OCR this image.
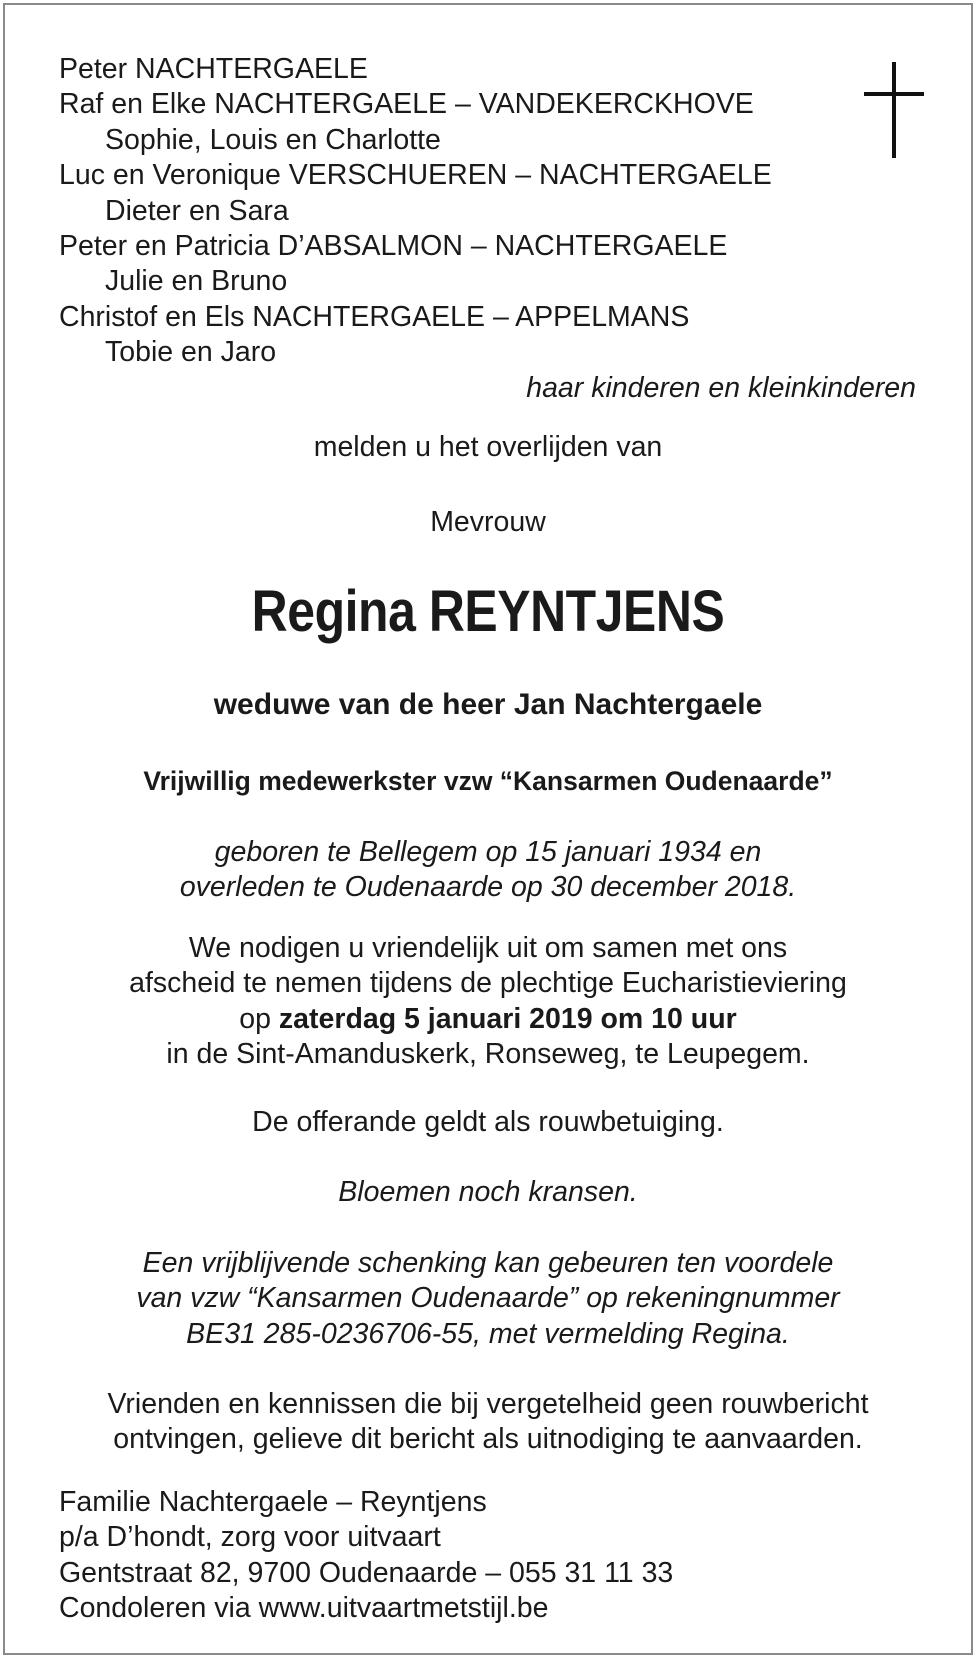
Peter NACHTERGAELE
Raf en Elke NACHTERGAELE – VANDEKERCKHOVE
Sophie, Louis en Charlotte
Luc en Veronique VERSCHUEREN – NACHTERGAELE
Dieter en Sara
Peter en Patricia D’ABSALMON – NACHTERGAELE
Julie en Bruno
Christof en Els NACHTERGAELE – APPELMANS
Tobie en Jaro
haar kinderen en kleinkinderen
melden u het overlijden van
Mevrouw
Regina REYNTJENS
weduwe van de heer Jan Nachtergaele
Vrijwillig medewerkster vzw “Kansarmen Oudenaarde”
geboren te Bellegem op 15 januari 1934 en
overleden te Oudenaarde op 30 december 2018.
We nodigen u vriendelijk uit om samen met ons
afscheid te nemen tijdens de plechtige Eucharistieviering
op zaterdag 5 januari 2019 om 10 uur
in de Sint-Amanduskerk, Ronseweg, te Leupegem.
De offerande geldt als rouwbetuiging.
Bloemen noch kransen.
Een vrijblijvende schenking kan gebeuren ten voordele
van vzw “Kansarmen Oudenaarde” op rekeningnummer
BE31 285-0236706-55, met vermelding Regina.
Vrienden en kennissen die bij vergetelheid geen rouwbericht
ontvingen, gelieve dit bericht als uitnodiging te aanvaarden.
Familie Nachtergaele – Reyntjens
p/a D’hondt, zorg voor uitvaart
Gentstraat 82, 9700 Oudenaarde – 055 31 11 33
Condoleren via www.uitvaartmetstijl.be
